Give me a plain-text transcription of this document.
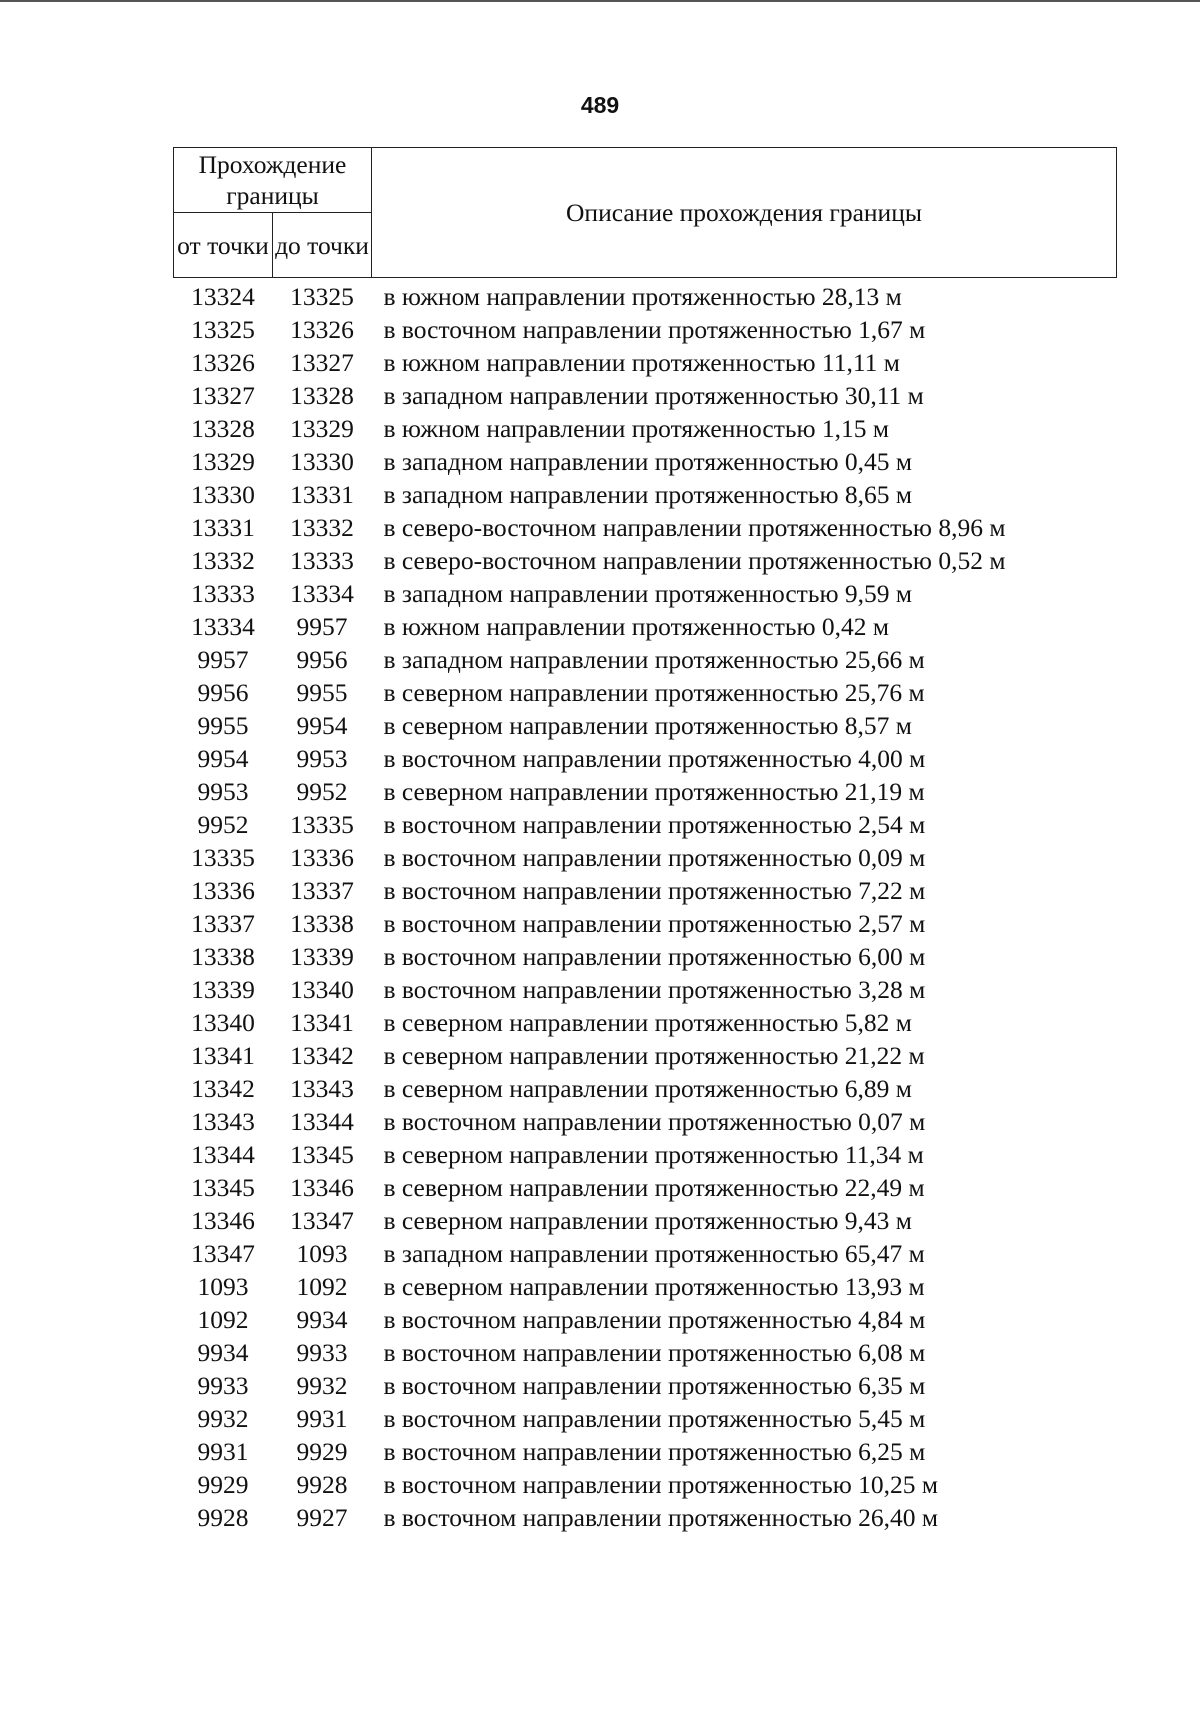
489
Прохождение границы		Описание прохождения границы
от точки	до точки	
13324	13325	в южном направлении протяженностью 28,13 м
13325	13326	в восточном направлении протяженностью 1,67 м
13326	13327	в южном направлении протяженностью 11,11 м
13327	13328	в западном направлении протяженностью 30,11 м
13328	13329	в южном направлении протяженностью 1,15 м
13329	13330	в западном направлении протяженностью 0,45 м
13330	13331	в западном направлении протяженностью 8,65 м
13331	13332	в северо-восточном направлении протяженностью 8,96 м
13332	13333	в северо-восточном направлении протяженностью 0,52 м
13333	13334	в западном направлении протяженностью 9,59 м
13334	9957	в южном направлении протяженностью 0,42 м
9957	9956	в западном направлении протяженностью 25,66 м
9956	9955	в северном направлении протяженностью 25,76 м
9955	9954	в северном направлении протяженностью 8,57 м
9954	9953	в восточном направлении протяженностью 4,00 м
9953	9952	в северном направлении протяженностью 21,19 м
9952	13335	в восточном направлении протяженностью 2,54 м
13335	13336	в восточном направлении протяженностью 0,09 м
13336	13337	в восточном направлении протяженностью 7,22 м
13337	13338	в восточном направлении протяженностью 2,57 м
13338	13339	в восточном направлении протяженностью 6,00 м
13339	13340	в восточном направлении протяженностью 3,28 м
13340	13341	в северном направлении протяженностью 5,82 м
13341	13342	в северном направлении протяженностью 21,22 м
13342	13343	в северном направлении протяженностью 6,89 м
13343	13344	в восточном направлении протяженностью 0,07 м
13344	13345	в северном направлении протяженностью 11,34 м
13345	13346	в северном направлении протяженностью 22,49 м
13346	13347	в северном направлении протяженностью 9,43 м
13347	1093	в западном направлении протяженностью 65,47 м
1093	1092	в северном направлении протяженностью 13,93 м
1092	9934	в восточном направлении протяженностью 4,84 м
9934	9933	в восточном направлении протяженностью 6,08 м
9933	9932	в восточном направлении протяженностью 6,35 м
9932	9931	в восточном направлении протяженностью 5,45 м
9931	9929	в восточном направлении протяженностью 6,25 м
9929	9928	в восточном направлении протяженностью 10,25 м
9928	9927	в восточном направлении протяженностью 26,40 м
